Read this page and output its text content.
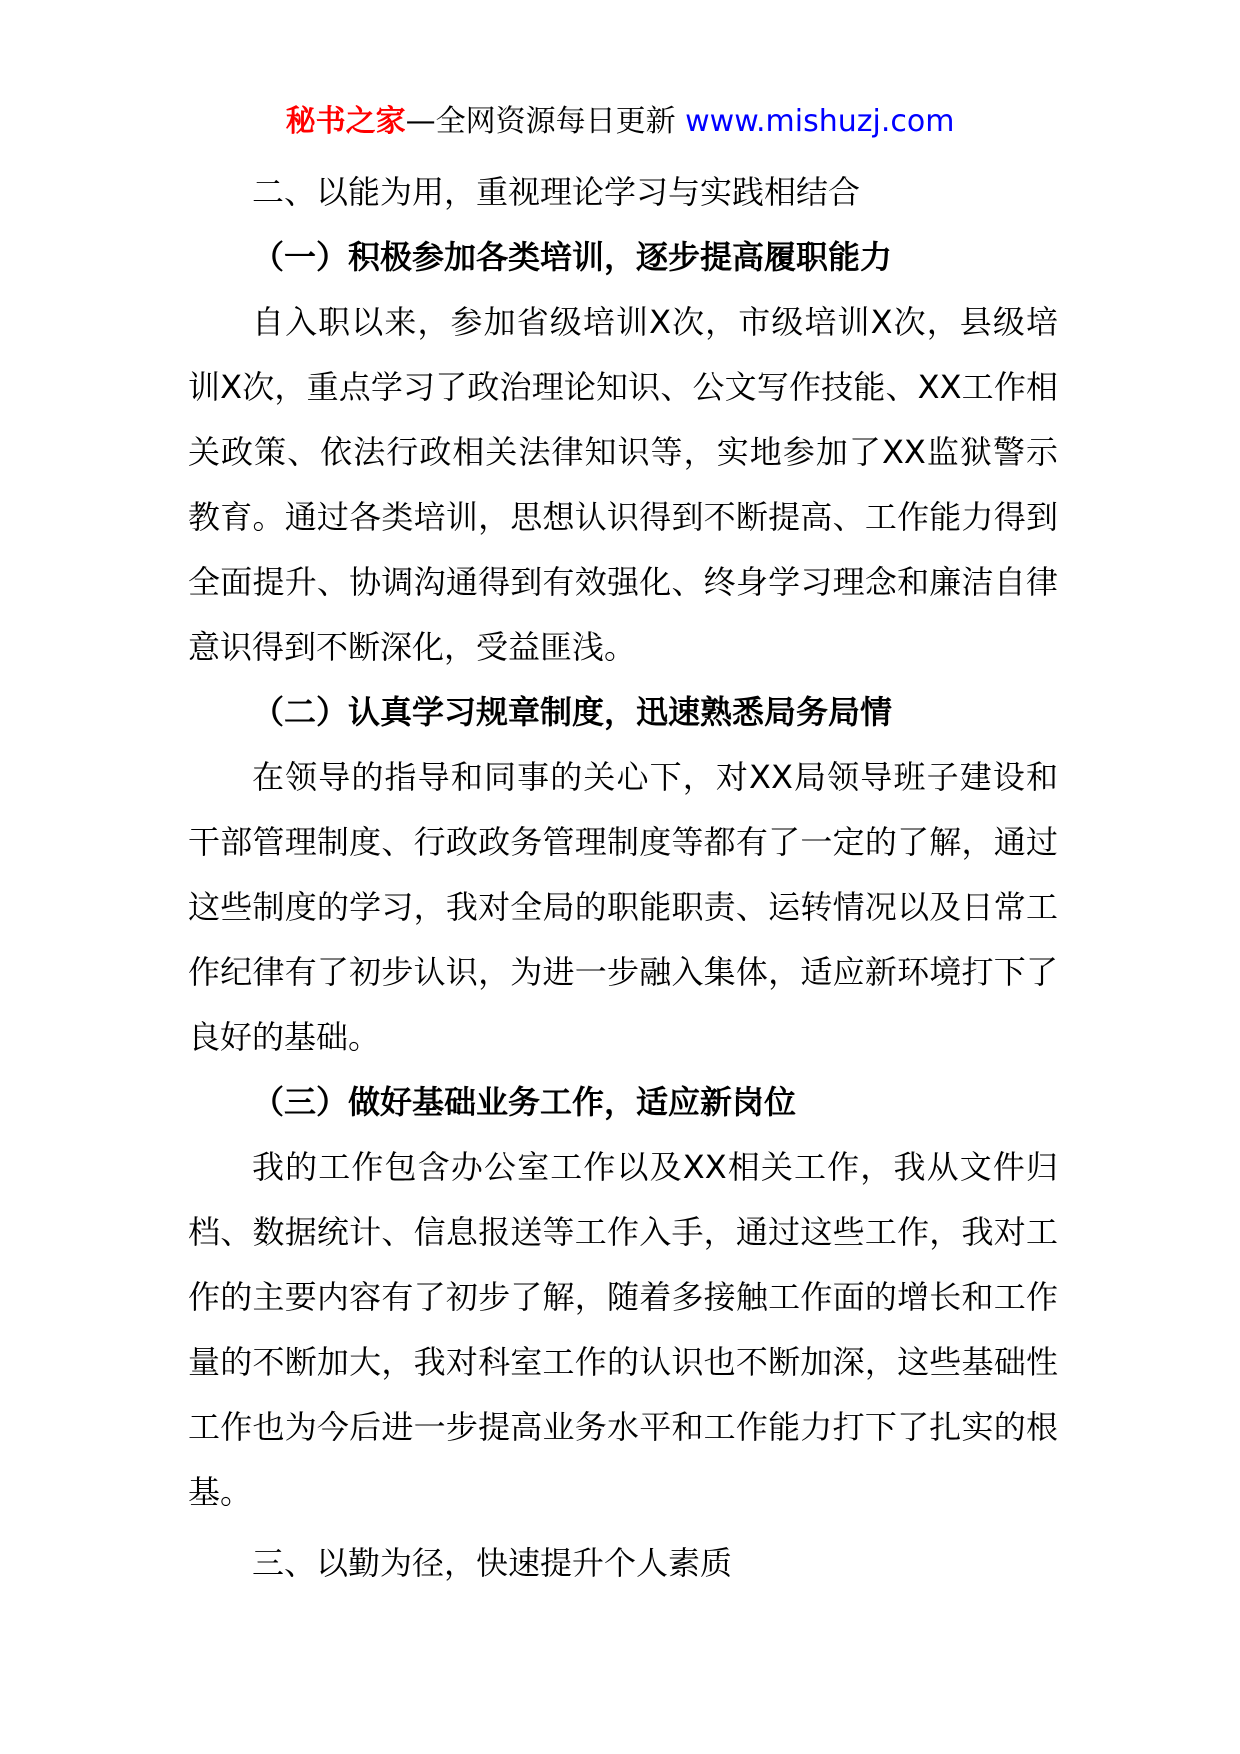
秘书之家—全网资源每日更新 www.mishuzj.com

二、以能为用，重视理论学习与实践相结合

（一）积极参加各类培训，逐步提高履职能力

自入职以来，参加省级培训X次，市级培训X次，县级培训X次，重点学习了政治理论知识、公文写作技能、XX工作相关政策、依法行政相关法律知识等，实地参加了XX监狱警示教育。通过各类培训，思想认识得到不断提高、工作能力得到全面提升、协调沟通得到有效强化、终身学习理念和廉洁自律意识得到不断深化，受益匪浅。

（二）认真学习规章制度，迅速熟悉局务局情

在领导的指导和同事的关心下，对XX局领导班子建设和干部管理制度、行政政务管理制度等都有了一定的了解，通过这些制度的学习，我对全局的职能职责、运转情况以及日常工作纪律有了初步认识，为进一步融入集体，适应新环境打下了良好的基础。

（三）做好基础业务工作，适应新岗位

我的工作包含办公室工作以及XX相关工作，我从文件归档、数据统计、信息报送等工作入手，通过这些工作，我对工作的主要内容有了初步了解，随着多接触工作面的增长和工作量的不断加大，我对科室工作的认识也不断加深，这些基础性工作也为今后进一步提高业务水平和工作能力打下了扎实的根基。

三、以勤为径，快速提升个人素质
